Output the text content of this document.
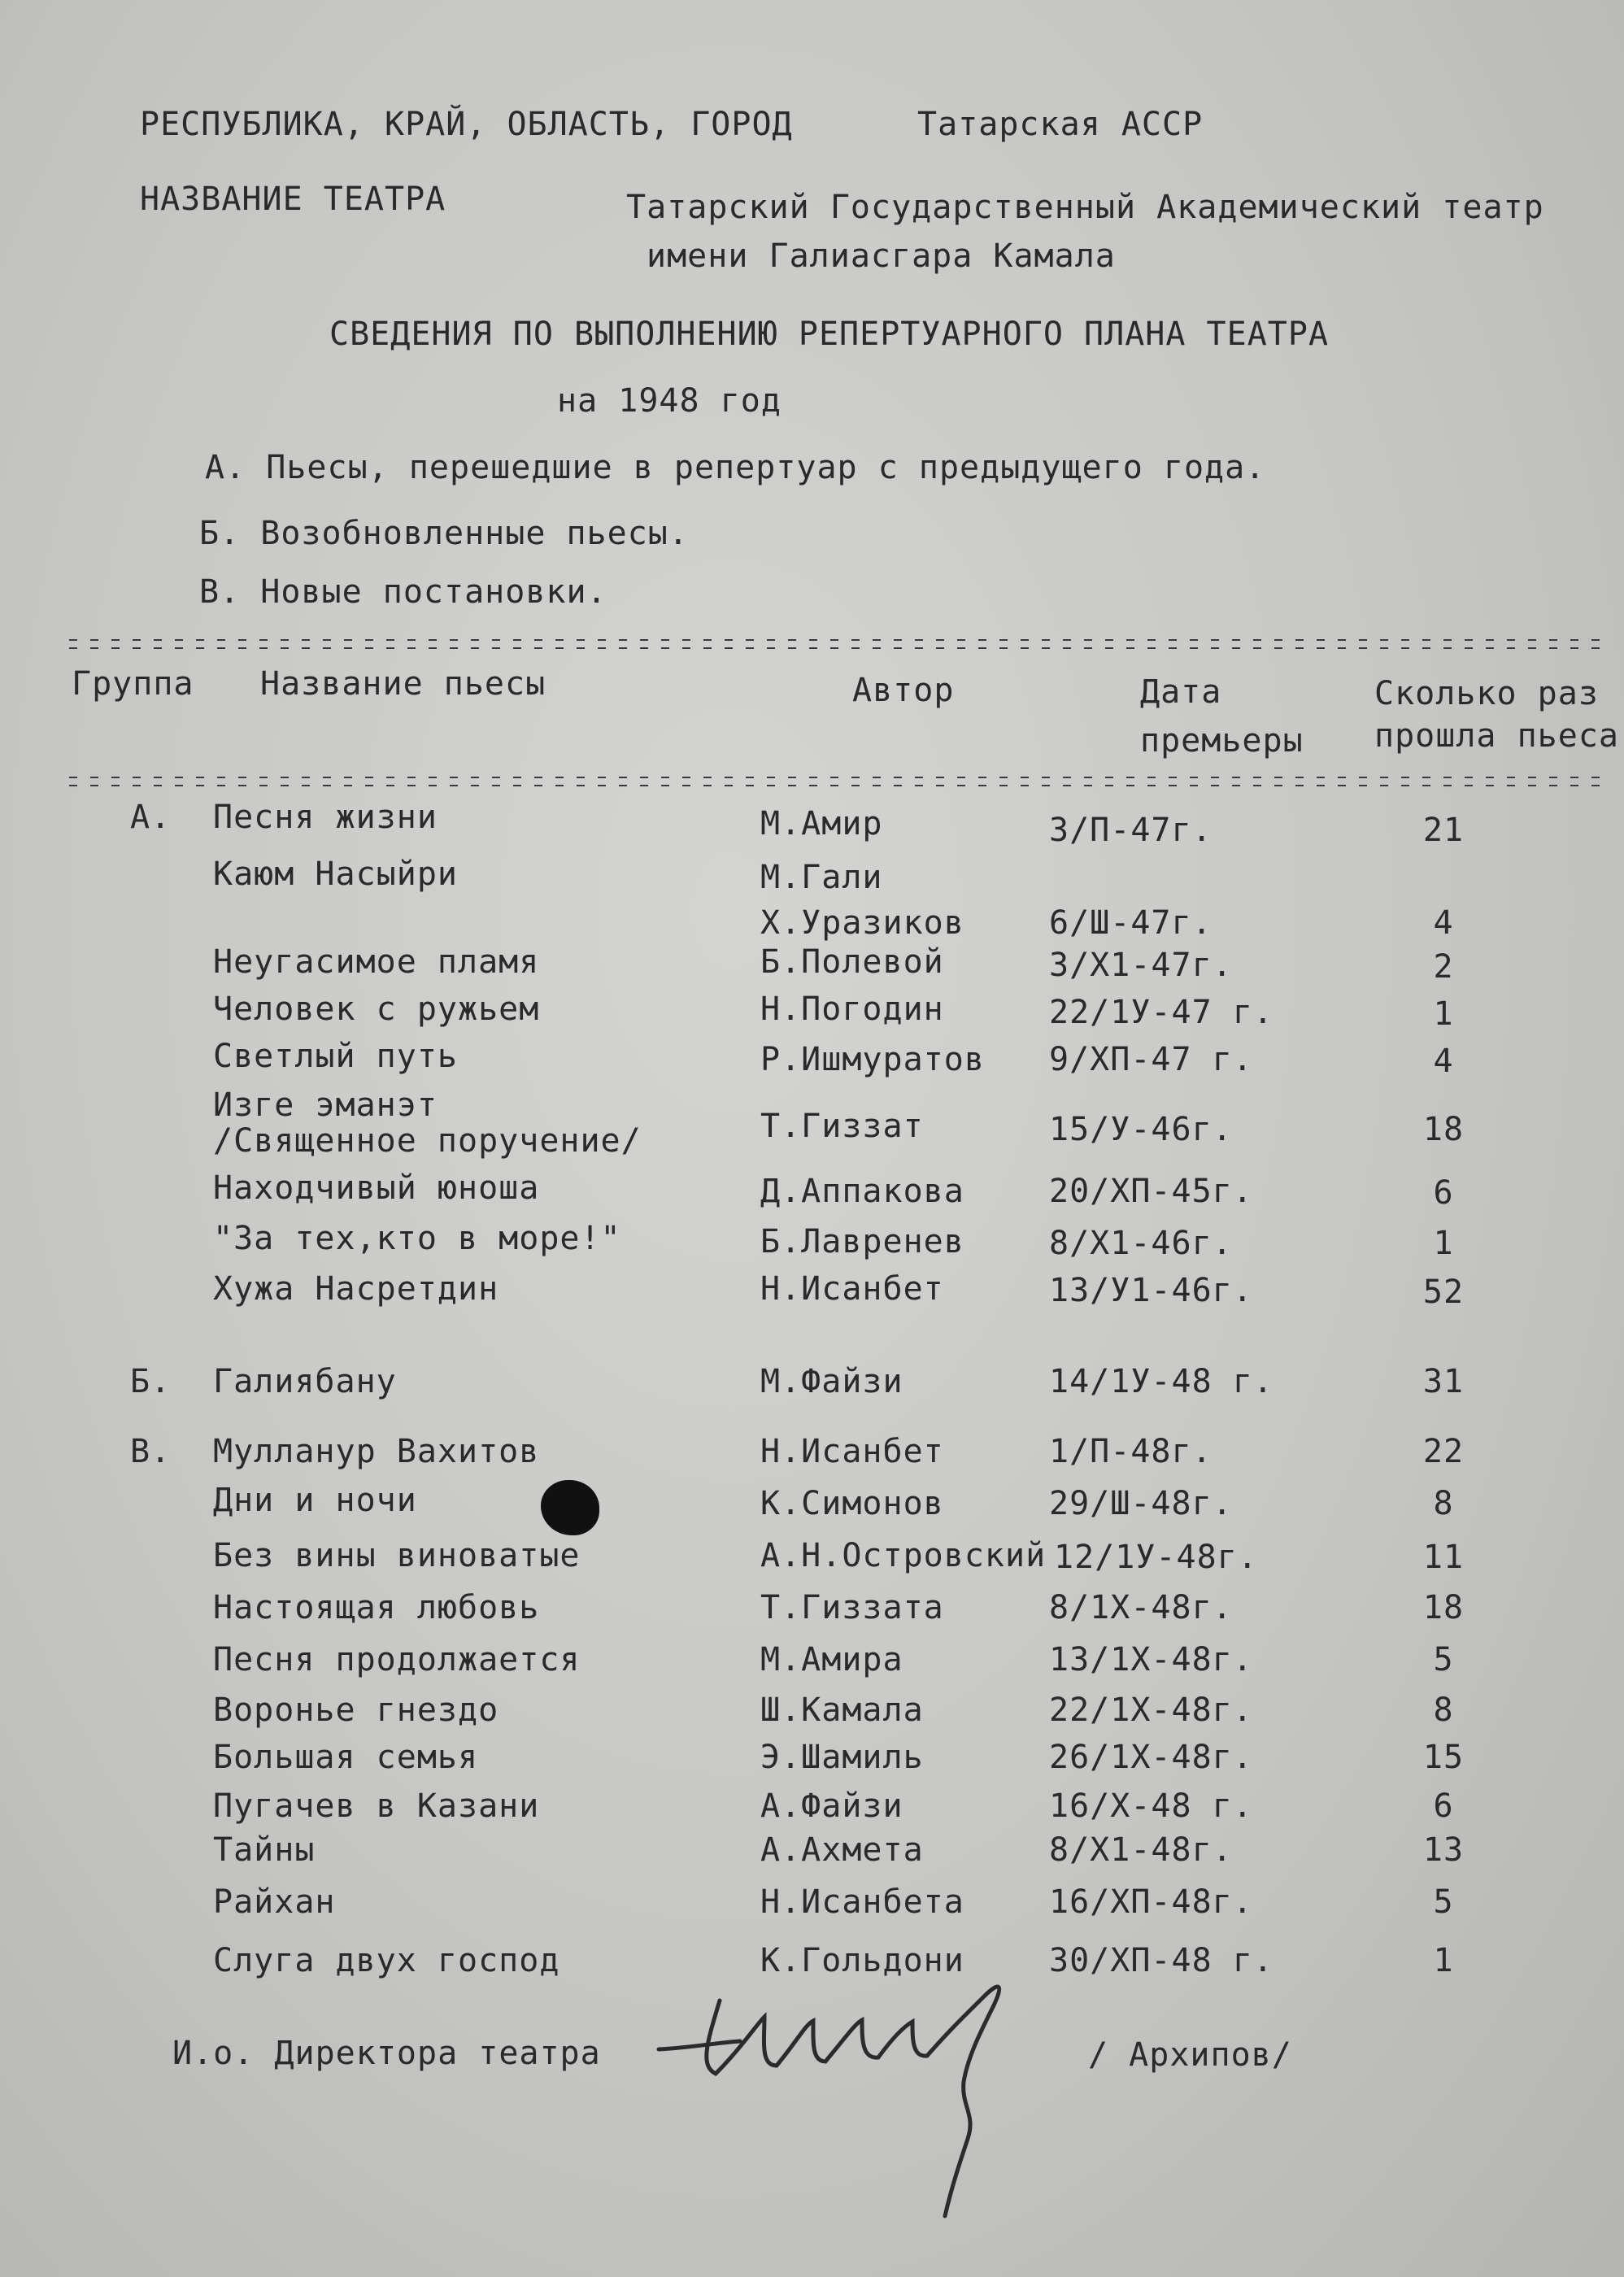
РЕСПУБЛИКА, КРАЙ, ОБЛАСТЬ, ГОРОД	Татарская АССР
НАЗВАНИЕ ТЕАТРА	Татарский Государственный Академический театр
имени Галиасгара Камала
СВЕДЕНИЯ ПО ВЫПОЛНЕНИЮ РЕПЕРТУАРНОГО ПЛАНА ТЕАТРА
на 1948 год
А. Пьесы, перешедшие в репертуар с предыдущего года.
Б. Возобновленные пьесы.
В. Новые постановки.
Группа Название пьесы	Автор	Дата
премьеры
Сколько раз
прошла пьеса
А. Песня жизни	М.Амир	3/П-47г.	21
Каюм Насыйри	М.Гали
Х.Уразиков	6/Ш-47г.	4
Неугасимое пламя	Б.Полевой	3/Х1-47г.	2
Человек с ружьем	Н.Погодин	22/1У-47 г.	1
Светлый путь	Р.Ишмуратов 9/ХП-47 г.	4
Изге эманэт
/Священное поручение/	Т.Гиззат	15/У-46г.	18
Находчивый юноша	Д.Аппакова	20/ХП-45г.	6
"За тех,кто в море!"	Б.Лавренев	8/Х1-46г.	1
Хужа Насретдин	Н.Исанбет	13/У1-46г.	52
Б. Галиябану	М.Файзи	14/1У-48 г.	31
В. Мулланур Вахитов	Н.Исанбет	1/П-48г.	22
Дни и ночи	К.Симонов	29/Ш-48г.	8
Без вины виноватые	А.Н.Островский 12/1У-48г.	11
Настоящая любовь	Т.Гиззата	8/1Х-48г.	18
Песня продолжается	М.Амира	13/1Х-48г.	5
Воронье гнездо	Ш.Камала	22/1Х-48г.	8
Большая семья	Э.Шамиль	26/1Х-48г.	15
Пугачев в Казани	А.Файзи	16/Х-48 г.	6
Тайны	А.Ахмета	8/Х1-48г.	13
Райхан	Н.Исанбета	16/ХП-48г.	5
Слуга двух господ	К.Гольдони	30/ХП-48 г.	1
И.о. Директора театра	/ Архипов/
